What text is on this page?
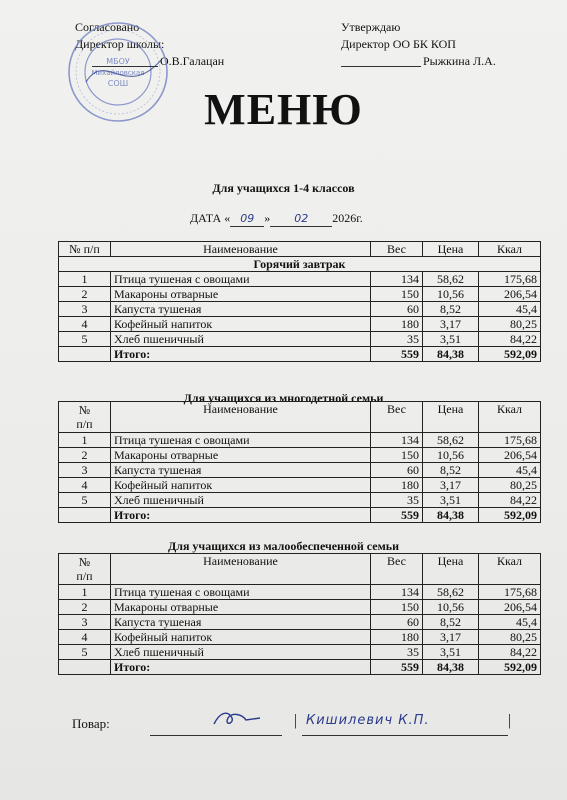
Согласовано
Директор школы:
О.В.Галацан
МБОУ
Михайловская
СОШ
Утверждаю
Директор ОО БК КОП
Рыжкина Л.А.
МЕНЮ
Для учащихся 1-4 классов
ДАТА « 09 » 02 2026г.
№ п/п	Наименование	Вес	Цена	Ккал
Горячий завтрак				
1	Птица тушеная с овощами	134	58,62	175,68
2	Макароны отварные	150	10,56	206,54
3	Капуста тушеная	60	8,52	45,4
4	Кофейный напиток	180	3,17	80,25
5	Хлеб пшеничный	35	3,51	84,22
	Итого:	559	84,38	592,09
Для учащихся из многодетной семьи
№
п/п	Наименование	Вес	Цена	Ккал
1	Птица тушеная с овощами	134	58,62	175,68
2	Макароны отварные	150	10,56	206,54
3	Капуста тушеная	60	8,52	45,4
4	Кофейный напиток	180	3,17	80,25
5	Хлеб пшеничный	35	3,51	84,22
	Итого:	559	84,38	592,09
Для учащихся из малообеспеченной семьи
№
п/п	Наименование	Вес	Цена	Ккал
1	Птица тушеная с овощами	134	58,62	175,68
2	Макароны отварные	150	10,56	206,54
3	Капуста тушеная	60	8,52	45,4
4	Кофейный напиток	180	3,17	80,25
5	Хлеб пшеничный	35	3,51	84,22
	Итого:	559	84,38	592,09
Повар:	| Кишилевич К.П.	|
